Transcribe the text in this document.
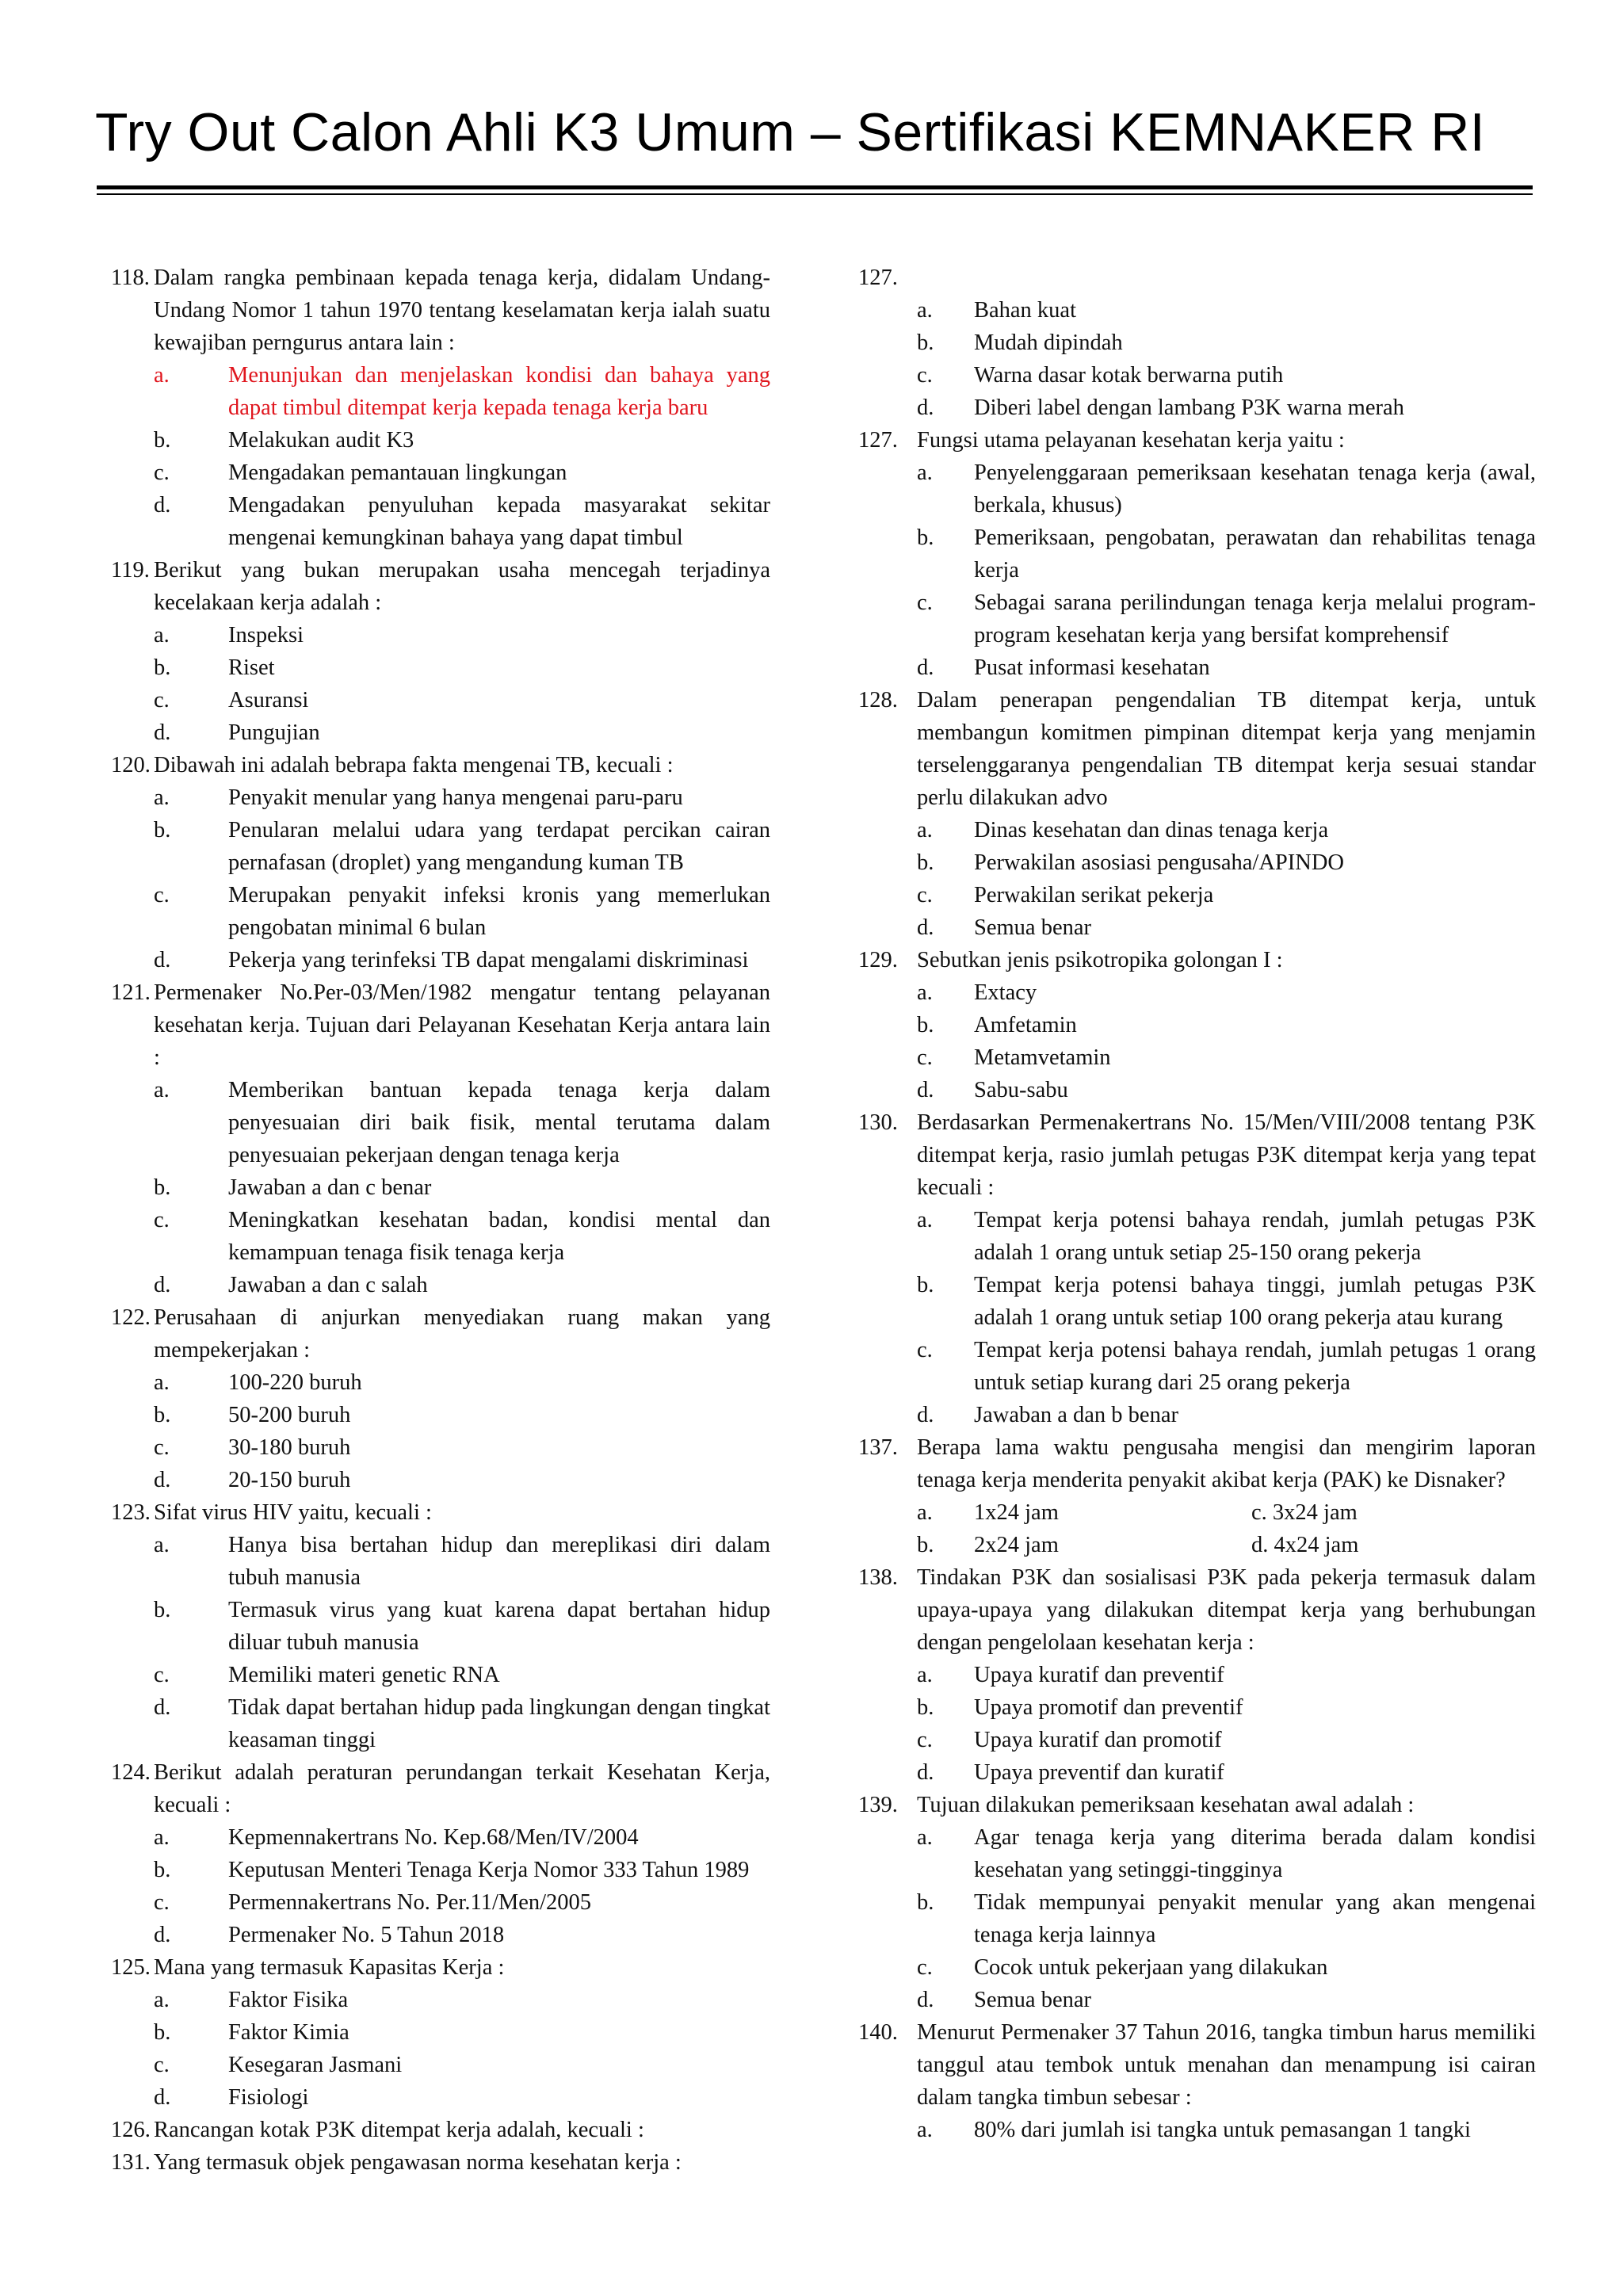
Try Out Calon Ahli K3 Umum – Sertifikasi KEMNAKER RI
118. Dalam rangka pembinaan kepada tenaga kerja, didalam Undang-Undang Nomor 1 tahun 1970 tentang keselamatan kerja ialah suatu kewajiban perngurus antara lain :
a.	Menunjukan dan menjelaskan kondisi dan bahaya yang dapat timbul ditempat kerja kepada tenaga kerja baru
b.	Melakukan audit K3
c.	Mengadakan pemantauan lingkungan
d.	Mengadakan penyuluhan kepada masyarakat sekitar mengenai kemungkinan bahaya yang dapat timbul
119. Berikut yang bukan merupakan usaha mencegah terjadinya kecelakaan kerja adalah :
a.	Inspeksi
b.	Riset
c.	Asuransi
d.	Pungujian
120. Dibawah ini adalah bebrapa fakta mengenai TB, kecuali :
a.	Penyakit menular yang hanya mengenai paru-paru
b.	Penularan melalui udara yang terdapat percikan cairan pernafasan (droplet) yang mengandung kuman TB
c.	Merupakan penyakit infeksi kronis yang memerlukan pengobatan minimal 6 bulan
d.	Pekerja yang terinfeksi TB dapat mengalami diskriminasi
121. Permenaker No.Per-03/Men/1982 mengatur tentang pelayanan kesehatan kerja. Tujuan dari Pelayanan Kesehatan Kerja antara lain :
a.	Memberikan bantuan kepada tenaga kerja dalam penyesuaian diri baik fisik, mental terutama dalam penyesuaian pekerjaan dengan tenaga kerja
b.	Jawaban a dan c benar
c.	Meningkatkan kesehatan badan, kondisi mental dan kemampuan tenaga fisik tenaga kerja
d.	Jawaban a dan c salah
122. Perusahaan di anjurkan menyediakan ruang makan yang mempekerjakan :
a.	100-220 buruh
b.	50-200 buruh
c.	30-180 buruh
d.	20-150 buruh
123. Sifat virus HIV yaitu, kecuali :
a.	Hanya bisa bertahan hidup dan mereplikasi diri dalam tubuh manusia
b.	Termasuk virus yang kuat karena dapat bertahan hidup diluar tubuh manusia
c.	Memiliki materi genetic RNA
d.	Tidak dapat bertahan hidup pada lingkungan dengan tingkat keasaman tinggi
124. Berikut adalah peraturan perundangan terkait Kesehatan Kerja, kecuali :
a.	Kepmennakertrans No. Kep.68/Men/IV/2004
b.	Keputusan Menteri Tenaga Kerja Nomor 333 Tahun 1989
c.	Permennakertrans No. Per.11/Men/2005
d.	Permenaker No. 5 Tahun 2018
125. Mana yang termasuk Kapasitas Kerja :
a.	Faktor Fisika
b.	Faktor Kimia
c.	Kesegaran Jasmani
d.	Fisiologi
126. Rancangan kotak P3K ditempat kerja adalah, kecuali :
131. Yang termasuk objek pengawasan norma kesehatan kerja :
127.

a. Bahan kuat
b. Mudah dipindah
c. Warna dasar kotak berwarna putih
d. Diberi label dengan lambang P3K warna merah
127. Fungsi utama pelayanan kesehatan kerja yaitu :
a. Penyelenggaraan pemeriksaan kesehatan tenaga kerja (awal, berkala, khusus)
b. Pemeriksaan, pengobatan, perawatan dan rehabilitas tenaga kerja
c. Sebagai sarana perilindungan tenaga kerja melalui program-program kesehatan kerja yang bersifat komprehensif
d. Pusat informasi kesehatan
128. Dalam penerapan pengendalian TB ditempat kerja, untuk membangun komitmen pimpinan ditempat kerja yang menjamin terselenggaranya pengendalian TB ditempat kerja sesuai standar perlu dilakukan advo
a. Dinas kesehatan dan dinas tenaga kerja
b. Perwakilan asosiasi pengusaha/APINDO
c. Perwakilan serikat pekerja
d. Semua benar
129. Sebutkan jenis psikotropika golongan I :
a. Extacy
b. Amfetamin
c. Metamvetamin
d. Sabu-sabu
130. Berdasarkan Permenakertrans No. 15/Men/VIII/2008 tentang P3K ditempat kerja, rasio jumlah petugas P3K ditempat kerja yang tepat kecuali :
a. Tempat kerja potensi bahaya rendah, jumlah petugas P3K adalah 1 orang untuk setiap 25-150 orang pekerja
b. Tempat kerja potensi bahaya tinggi, jumlah petugas P3K adalah 1 orang untuk setiap 100 orang pekerja atau kurang
c. Tempat kerja potensi bahaya rendah, jumlah petugas 1 orang untuk setiap kurang dari 25 orang pekerja
d. Jawaban a dan b benar
137. Berapa lama waktu pengusaha mengisi dan mengirim laporan tenaga kerja menderita penyakit akibat kerja (PAK) ke Disnaker?
a. 1x24 jam	c. 3x24 jam
b. 2x24 jam	d. 4x24 jam
138. Tindakan P3K dan sosialisasi P3K pada pekerja termasuk dalam upaya-upaya yang dilakukan ditempat kerja yang berhubungan dengan pengelolaan kesehatan kerja :
a. Upaya kuratif dan preventif
b. Upaya promotif dan preventif
c. Upaya kuratif dan promotif
d. Upaya preventif dan kuratif
139. Tujuan dilakukan pemeriksaan kesehatan awal adalah :
a. Agar tenaga kerja yang diterima berada dalam kondisi kesehatan yang setinggi-tingginya
b. Tidak mempunyai penyakit menular yang akan mengenai tenaga kerja lainnya
c. Cocok untuk pekerjaan yang dilakukan
d. Semua benar
140. Menurut Permenaker 37 Tahun 2016, tangka timbun harus memiliki tanggul atau tembok untuk menahan dan menampung isi cairan dalam tangka timbun sebesar :
a. 80% dari jumlah isi tangka untuk pemasangan 1 tangki
